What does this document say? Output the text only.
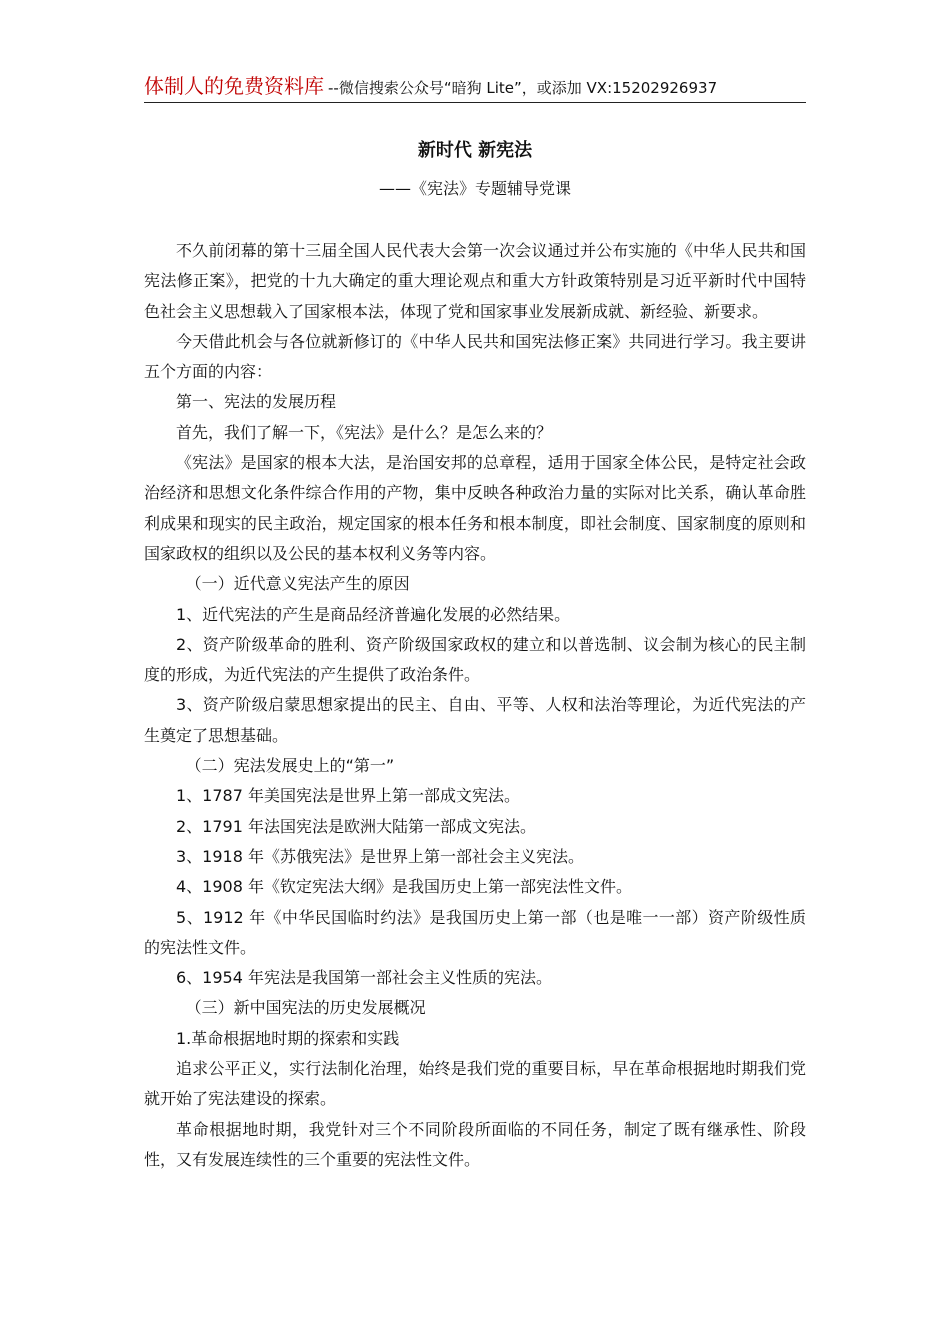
体制人的免费资料库 --微信搜索公众号“暗狗 Lite”，或添加 VX:15202926937
新时代 新宪法
——《宪法》专题辅导党课

不久前闭幕的第十三届全国人民代表大会第一次会议通过并公布实施的《中华人民共和国宪法修正案》，把党的十九大确定的重大理论观点和重大方针政策特别是习近平新时代中国特色社会主义思想载入了国家根本法，体现了党和国家事业发展新成就、新经验、新要求。

今天借此机会与各位就新修订的《中华人民共和国宪法修正案》共同进行学习。我主要讲五个方面的内容：

第一、宪法的发展历程

首先，我们了解一下，《宪法》是什么？是怎么来的？

《宪法》是国家的根本大法，是治国安邦的总章程，适用于国家全体公民，是特定社会政治经济和思想文化条件综合作用的产物，集中反映各种政治力量的实际对比关系，确认革命胜利成果和现实的民主政治，规定国家的根本任务和根本制度，即社会制度、国家制度的原则和国家政权的组织以及公民的基本权利义务等内容。

（一）近代意义宪法产生的原因

1、近代宪法的产生是商品经济普遍化发展的必然结果。

2、资产阶级革命的胜利、资产阶级国家政权的建立和以普选制、议会制为核心的民主制度的形成，为近代宪法的产生提供了政治条件。

3、资产阶级启蒙思想家提出的民主、自由、平等、人权和法治等理论，为近代宪法的产生奠定了思想基础。

（二）宪法发展史上的“第一”

1、1787 年美国宪法是世界上第一部成文宪法。

2、1791 年法国宪法是欧洲大陆第一部成文宪法。

3、1918 年《苏俄宪法》是世界上第一部社会主义宪法。

4、1908 年《钦定宪法大纲》是我国历史上第一部宪法性文件。

5、1912 年《中华民国临时约法》是我国历史上第一部（也是唯一一部）资产阶级性质的宪法性文件。

6、1954 年宪法是我国第一部社会主义性质的宪法。

（三）新中国宪法的历史发展概况

1.革命根据地时期的探索和实践

追求公平正义，实行法制化治理，始终是我们党的重要目标，早在革命根据地时期我们党就开始了宪法建设的探索。

革命根据地时期，我党针对三个不同阶段所面临的不同任务，制定了既有继承性、阶段性，又有发展连续性的三个重要的宪法性文件。
